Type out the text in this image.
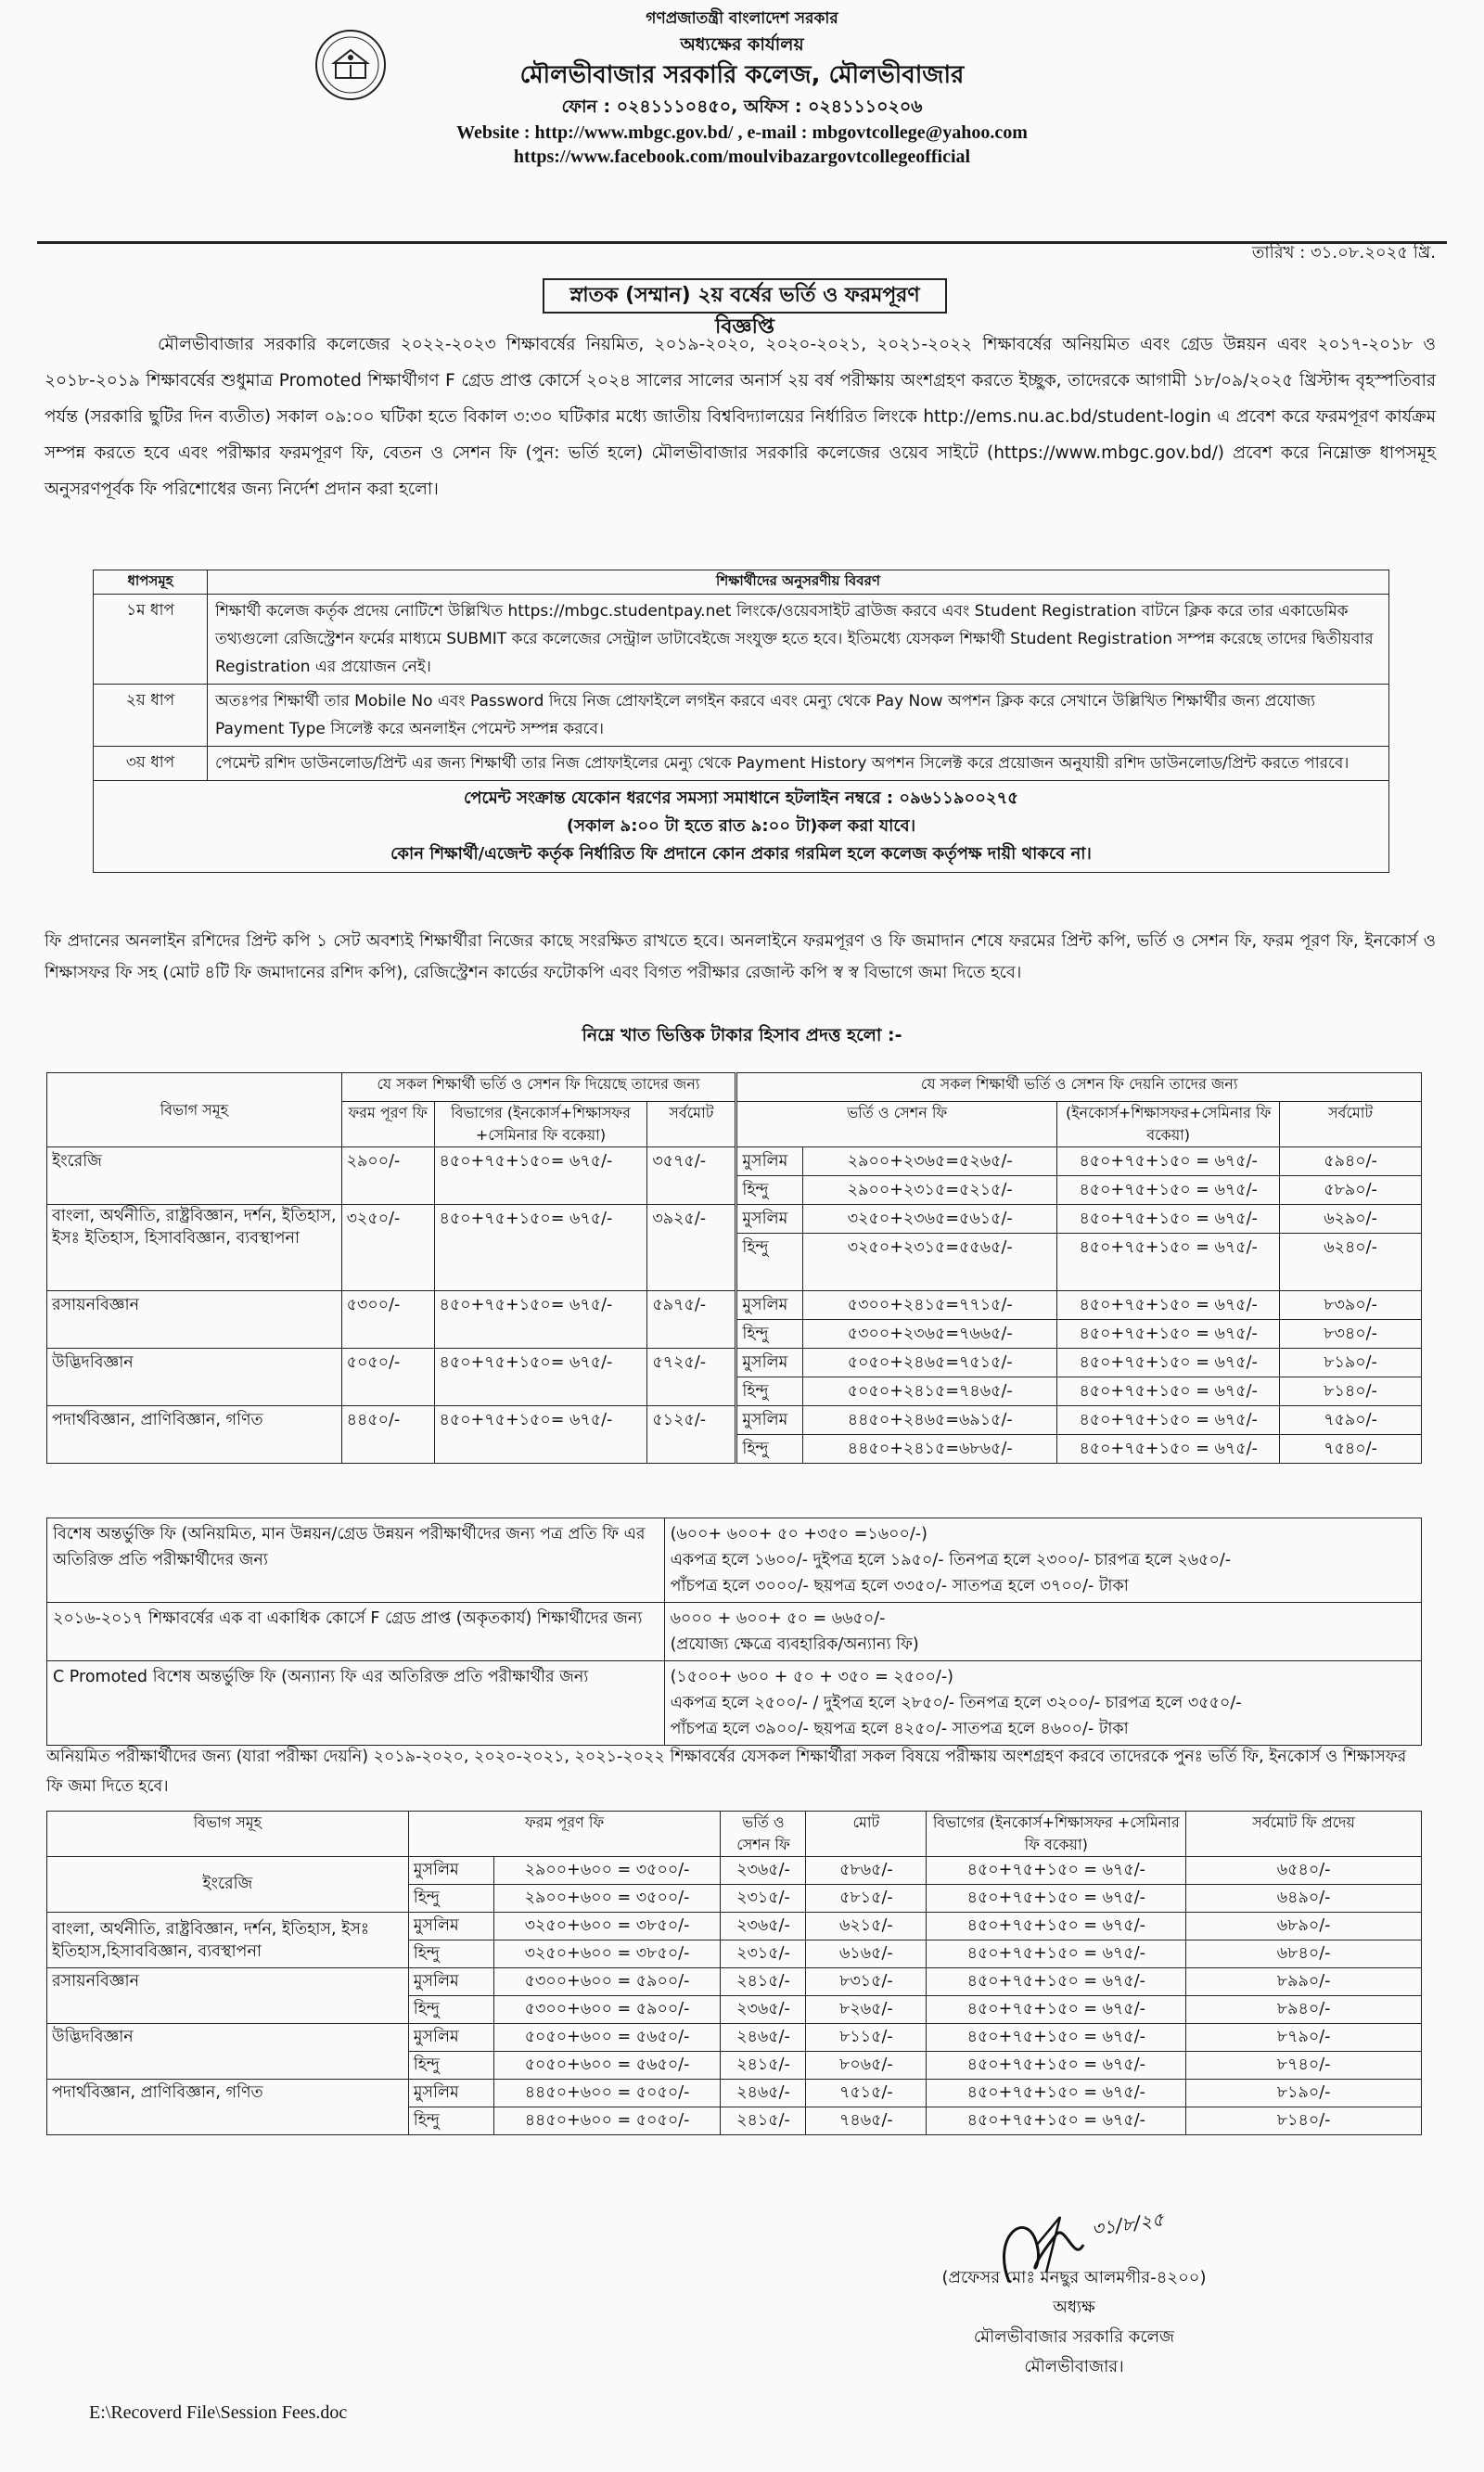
গণপ্রজাতন্ত্রী বাংলাদেশ সরকার
অধ্যক্ষের কার্যালয়
মৌলভীবাজার সরকারি কলেজ, মৌলভীবাজার
ফোন : ০২৪১১১০৪৫০, অফিস : ০২৪১১১০২০৬
Website : http://www.mbgc.gov.bd/ , e-mail : mbgovtcollege@yahoo.com
https://www.facebook.com/moulvibazargovtcollegeofficial
তারিখ : ৩১.০৮.২০২৫ খ্রি.
স্নাতক (সম্মান) ২য় বর্ষের ভর্তি ও ফরমপূরণ বিজ্ঞপ্তি
মৌলভীবাজার সরকারি কলেজের ২০২২-২০২৩ শিক্ষাবর্ষের নিয়মিত, ২০১৯-২০২০, ২০২০-২০২১, ২০২১-২০২২ শিক্ষাবর্ষের অনিয়মিত এবং গ্রেড উন্নয়ন এবং ২০১৭-২০১৮ ও ২০১৮-২০১৯ শিক্ষাবর্ষের শুধুমাত্র Promoted শিক্ষার্থীগণ F গ্রেড প্রাপ্ত কোর্সে ২০২৪ সালের সালের অনার্স ২য় বর্ষ পরীক্ষায় অংশগ্রহণ করতে ইচ্ছুক, তাদেরকে আগামী ১৮/০৯/২০২৫ খ্রিস্টাব্দ বৃহস্পতিবার পর্যন্ত (সরকারি ছুটির দিন ব্যতীত) সকাল ০৯:০০ ঘটিকা হতে বিকাল ৩:৩০ ঘটিকার মধ্যে জাতীয় বিশ্ববিদ্যালয়ের নির্ধারিত লিংকে http://ems.nu.ac.bd/student-login এ প্রবেশ করে ফরমপূরণ কার্যক্রম সম্পন্ন করতে হবে এবং পরীক্ষার ফরমপূরণ ফি, বেতন ও সেশন ফি (পুন: ভর্তি হলে) মৌলভীবাজার সরকারি কলেজের ওয়েব সাইটে (https://www.mbgc.gov.bd/) প্রবেশ করে নিম্নোক্ত ধাপসমূহ অনুসরণপূর্বক ফি পরিশোধের জন্য নির্দেশ প্রদান করা হলো।
ধাপসমূহ	শিক্ষার্থীদের অনুসরণীয় বিবরণ
১ম ধাপ	শিক্ষার্থী কলেজ কর্তৃক প্রদেয় নোটিশে উল্লিখিত https://mbgc.studentpay.net লিংকে/ওয়েবসাইট ব্রাউজ করবে এবং Student Registration বাটনে ক্লিক করে তার একাডেমিক তথ্যগুলো রেজিস্ট্রেশন ফর্মের মাধ্যমে SUBMIT করে কলেজের সেন্ট্রাল ডাটাবেইজে সংযুক্ত হতে হবে। ইতিমধ্যে যেসকল শিক্ষার্থী Student Registration সম্পন্ন করেছে তাদের দ্বিতীয়বার Registration এর প্রয়োজন নেই।
২য় ধাপ	অতঃপর শিক্ষার্থী তার Mobile No এবং Password দিয়ে নিজ প্রোফাইলে লগইন করবে এবং মেন্যু থেকে Pay Now অপশন ক্লিক করে সেখানে উল্লিখিত শিক্ষার্থীর জন্য প্রযোজ্য Payment Type সিলেক্ট করে অনলাইন পেমেন্ট সম্পন্ন করবে।
৩য় ধাপ	পেমেন্ট রশিদ ডাউনলোড/প্রিন্ট এর জন্য শিক্ষার্থী তার নিজ প্রোফাইলের মেন্যু থেকে Payment History অপশন সিলেক্ট করে প্রয়োজন অনুযায়ী রশিদ ডাউনলোড/প্রিন্ট করতে পারবে।

পেমেন্ট সংক্রান্ত যেকোন ধরণের সমস্যা সমাধানে হটলাইন নম্বরে : ০৯৬১১৯০০২৭৫
(সকাল ৯:০০ টা হতে রাত ৯:০০ টা)কল করা যাবে।
কোন শিক্ষার্থী/এজেন্ট কর্তৃক নির্ধারিত ফি প্রদানে কোন প্রকার গরমিল হলে কলেজ কর্তৃপক্ষ দায়ী থাকবে না।	
ফি প্রদানের অনলাইন রশিদের প্রিন্ট কপি ১ সেট অবশ্যই শিক্ষার্থীরা নিজের কাছে সংরক্ষিত রাখতে হবে। অনলাইনে ফরমপূরণ ও ফি জমাদান শেষে ফরমের প্রিন্ট কপি, ভর্তি ও সেশন ফি, ফরম পূরণ ফি, ইনকোর্স ও শিক্ষাসফর ফি সহ (মোট ৪টি ফি জমাদানের রশিদ কপি), রেজিস্ট্রেশন কার্ডের ফটোকপি এবং বিগত পরীক্ষার রেজাল্ট কপি স্ব স্ব বিভাগে জমা দিতে হবে।
নিম্নে খাত ভিত্তিক টাকার হিসাব প্রদত্ত হলো :-
বিভাগ সমূহ	যে সকল শিক্ষার্থী ভর্তি ও সেশন ফি দিয়েছে তাদের জন্য			যে সকল শিক্ষার্থী ভর্তি ও সেশন ফি দেয়নি তাদের জন্য			
	ফরম পূরণ ফি	বিভাগের (ইনকোর্স+শিক্ষাসফর +সেমিনার ফি বকেয়া)	সর্বমোট	ভর্তি ও সেশন ফি		(ইনকোর্স+শিক্ষাসফর+সেমিনার ফি বকেয়া)	সর্বমোট
ইংরেজি	২৯০০/-	৪৫০+৭৫+১৫০= ৬৭৫/-	৩৫৭৫/-	মুসলিম	২৯০০+২৩৬৫=৫২৬৫/-	৪৫০+৭৫+১৫০ = ৬৭৫/-	৫৯৪০/-
				হিন্দু	২৯০০+২৩১৫=৫২১৫/-	৪৫০+৭৫+১৫০ = ৬৭৫/-	৫৮৯০/-
বাংলা, অর্থনীতি, রাষ্ট্রবিজ্ঞান, দর্শন, ইতিহাস, ইসঃ ইতিহাস, হিসাববিজ্ঞান, ব্যবস্থাপনা	৩২৫০/-	৪৫০+৭৫+১৫০= ৬৭৫/-	৩৯২৫/-	মুসলিম	৩২৫০+২৩৬৫=৫৬১৫/-	৪৫০+৭৫+১৫০ = ৬৭৫/-	৬২৯০/-
				হিন্দু	৩২৫০+২৩১৫=৫৫৬৫/-	৪৫০+৭৫+১৫০ = ৬৭৫/-	৬২৪০/-
রসায়নবিজ্ঞান	৫৩০০/-	৪৫০+৭৫+১৫০= ৬৭৫/-	৫৯৭৫/-	মুসলিম	৫৩০০+২৪১৫=৭৭১৫/-	৪৫০+৭৫+১৫০ = ৬৭৫/-	৮৩৯০/-
				হিন্দু	৫৩০০+২৩৬৫=৭৬৬৫/-	৪৫০+৭৫+১৫০ = ৬৭৫/-	৮৩৪০/-
উদ্ভিদবিজ্ঞান	৫০৫০/-	৪৫০+৭৫+১৫০= ৬৭৫/-	৫৭২৫/-	মুসলিম	৫০৫০+২৪৬৫=৭৫১৫/-	৪৫০+৭৫+১৫০ = ৬৭৫/-	৮১৯০/-
				হিন্দু	৫০৫০+২৪১৫=৭৪৬৫/-	৪৫০+৭৫+১৫০ = ৬৭৫/-	৮১৪০/-
পদার্থবিজ্ঞান, প্রাণিবিজ্ঞান, গণিত	৪৪৫০/-	৪৫০+৭৫+১৫০= ৬৭৫/-	৫১২৫/-	মুসলিম	৪৪৫০+২৪৬৫=৬৯১৫/-	৪৫০+৭৫+১৫০ = ৬৭৫/-	৭৫৯০/-
				হিন্দু	৪৪৫০+২৪১৫=৬৮৬৫/-	৪৫০+৭৫+১৫০ = ৬৭৫/-	৭৫৪০/-
বিশেষ অন্তর্ভুক্তি ফি (অনিয়মিত, মান উন্নয়ন/গ্রেড উন্নয়ন পরীক্ষার্থীদের জন্য পত্র প্রতি ফি এর অতিরিক্ত প্রতি পরীক্ষার্থীদের জন্য	(৬০০+ ৬০০+ ৫০ +৩৫০ =১৬০০/-)
একপত্র হলে ১৬০০/- দুইপত্র হলে ১৯৫০/- তিনপত্র হলে ২৩০০/- চারপত্র হলে ২৬৫০/-
পাঁচপত্র হলে ৩০০০/- ছয়পত্র হলে ৩৩৫০/- সাতপত্র হলে ৩৭০০/- টাকা

২০১৬-২০১৭ শিক্ষাবর্ষের এক বা একাধিক কোর্সে F গ্রেড প্রাপ্ত (অকৃতকার্য) শিক্ষার্থীদের জন্য	৬০০০ + ৬০০+ ৫০ = ৬৬৫০/-
(প্রযোজ্য ক্ষেত্রে ব্যবহারিক/অন্যান্য ফি)

C Promoted বিশেষ অন্তর্ভুক্তি ফি (অন্যান্য ফি এর অতিরিক্ত প্রতি পরীক্ষার্থীর জন্য	(১৫০০+ ৬০০ + ৫০ + ৩৫০ = ২৫০০/-)
একপত্র হলে ২৫০০/- / দুইপত্র হলে ২৮৫০/- তিনপত্র হলে ৩২০০/- চারপত্র হলে ৩৫৫০/-
পাঁচপত্র হলে ৩৯০০/- ছয়পত্র হলে ৪২৫০/- সাতপত্র হলে ৪৬০০/- টাকা
অনিয়মিত পরীক্ষার্থীদের জন্য (যারা পরীক্ষা দেয়নি) ২০১৯-২০২০, ২০২০-২০২১, ২০২১-২০২২ শিক্ষাবর্ষের যেসকল শিক্ষার্থীরা সকল বিষয়ে পরীক্ষায় অংশগ্রহণ করবে তাদেরকে পুনঃ ভর্তি ফি, ইনকোর্স ও শিক্ষাসফর ফি জমা দিতে হবে।
বিভাগ সমূহ	ফরম পূরণ ফি		ভর্তি ও সেশন ফি	মোট	বিভাগের (ইনকোর্স+শিক্ষাসফর +সেমিনার ফি বকেয়া)	সর্বমোট ফি প্রদেয়
ইংরেজি	মুসলিম	২৯০০+৬০০ = ৩৫০০/-	২৩৬৫/-	৫৮৬৫/-	৪৫০+৭৫+১৫০ = ৬৭৫/-	৬৫৪০/-
	হিন্দু	২৯০০+৬০০ = ৩৫০০/-	২৩১৫/-	৫৮১৫/-	৪৫০+৭৫+১৫০ = ৬৭৫/-	৬৪৯০/-
বাংলা, অর্থনীতি, রাষ্ট্রবিজ্ঞান, দর্শন, ইতিহাস, ইসঃ ইতিহাস,হিসাববিজ্ঞান, ব্যবস্থাপনা	মুসলিম	৩২৫০+৬০০ = ৩৮৫০/-	২৩৬৫/-	৬২১৫/-	৪৫০+৭৫+১৫০ = ৬৭৫/-	৬৮৯০/-
	হিন্দু	৩২৫০+৬০০ = ৩৮৫০/-	২৩১৫/-	৬১৬৫/-	৪৫০+৭৫+১৫০ = ৬৭৫/-	৬৮৪০/-
রসায়নবিজ্ঞান	মুসলিম	৫৩০০+৬০০ = ৫৯০০/-	২৪১৫/-	৮৩১৫/-	৪৫০+৭৫+১৫০ = ৬৭৫/-	৮৯৯০/-
	হিন্দু	৫৩০০+৬০০ = ৫৯০০/-	২৩৬৫/-	৮২৬৫/-	৪৫০+৭৫+১৫০ = ৬৭৫/-	৮৯৪০/-
উদ্ভিদবিজ্ঞান	মুসলিম	৫০৫০+৬০০ = ৫৬৫০/-	২৪৬৫/-	৮১১৫/-	৪৫০+৭৫+১৫০ = ৬৭৫/-	৮৭৯০/-
	হিন্দু	৫০৫০+৬০০ = ৫৬৫০/-	২৪১৫/-	৮০৬৫/-	৪৫০+৭৫+১৫০ = ৬৭৫/-	৮৭৪০/-
পদার্থবিজ্ঞান, প্রাণিবিজ্ঞান, গণিত	মুসলিম	৪৪৫০+৬০০ = ৫০৫০/-	২৪৬৫/-	৭৫১৫/-	৪৫০+৭৫+১৫০ = ৬৭৫/-	৮১৯০/-
	হিন্দু	৪৪৫০+৬০০ = ৫০৫০/-	২৪১৫/-	৭৪৬৫/-	৪৫০+৭৫+১৫০ = ৬৭৫/-	৮১৪০/-
৩১/৮/২৫
(প্রফেসর মোঃ মনছুর আলমগীর-৪২০০)
অধ্যক্ষ
মৌলভীবাজার সরকারি কলেজ
মৌলভীবাজার।
E:\Recoverd File\Session Fees.doc
